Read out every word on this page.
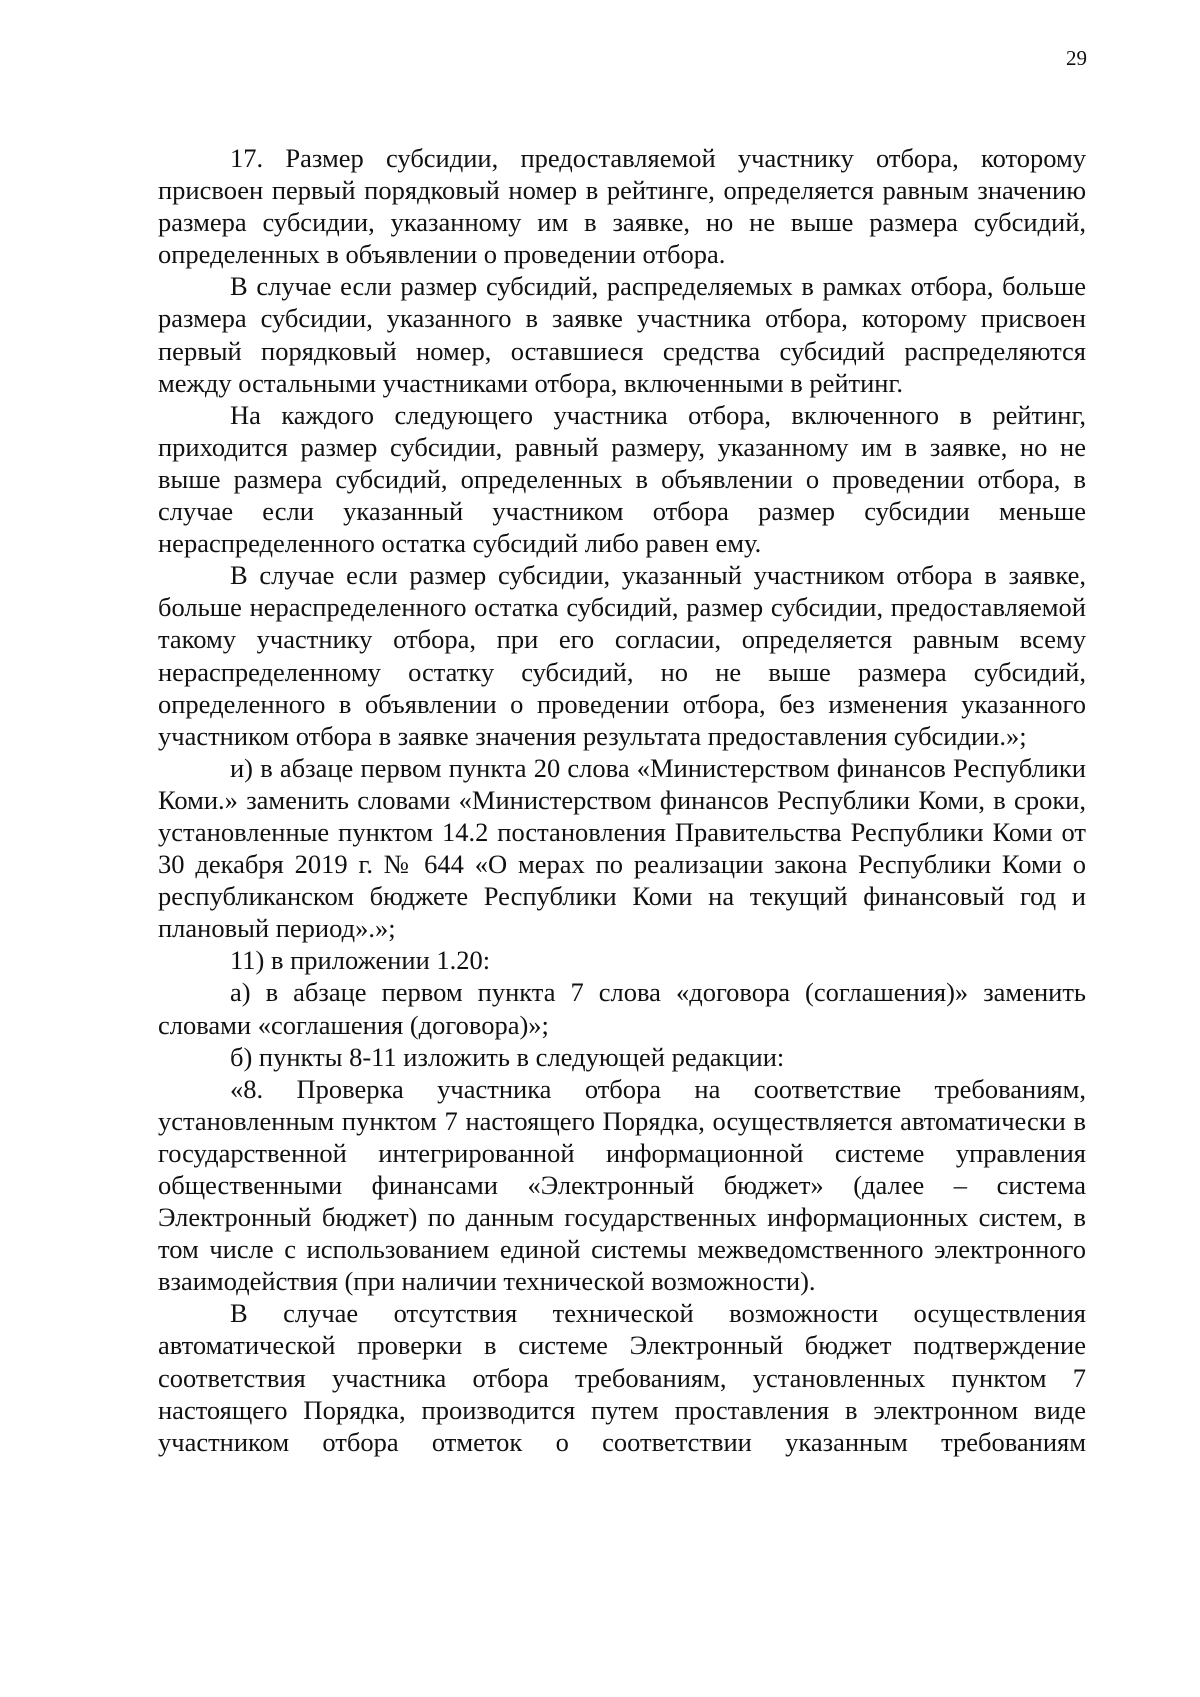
29

17. Размер субсидии, предоставляемой участнику отбора, которому присвоен первый порядковый номер в рейтинге, определяется равным значению размера субсидии, указанному им в заявке, но не выше размера субсидий, определенных в объявлении о проведении отбора.

В случае если размер субсидий, распределяемых в рамках отбора, больше размера субсидии, указанного в заявке участника отбора, которому присвоен первый порядковый номер, оставшиеся средства субсидий распределяются между остальными участниками отбора, включенными в рейтинг.

На каждого следующего участника отбора, включенного в рейтинг, приходится размер субсидии, равный размеру, указанному им в заявке, но не выше размера субсидий, определенных в объявлении о проведении отбора, в случае если указанный участником отбора размер субсидии меньше нераспределенного остатка субсидий либо равен ему.

В случае если размер субсидии, указанный участником отбора в заявке, больше нераспределенного остатка субсидий, размер субсидии, предоставляемой такому участнику отбора, при его согласии, определяется равным всему нераспределенному остатку субсидий, но не выше размера субсидий, определенного в объявлении о проведении отбора, без изменения указанного участником отбора в заявке значения результата предоставления субсидии.»;

и) в абзаце первом пункта 20 слова «Министерством финансов Республики Коми.» заменить словами «Министерством финансов Республики Коми, в сроки, установленные пунктом 14.2 постановления Правительства Республики Коми от 30 декабря 2019 г. № 644 «О мерах по реализации закона Республики Коми о республиканском бюджете Республики Коми на текущий финансовый год и плановый период».»;

11) в приложении 1.20:

а) в абзаце первом пункта 7 слова «договора (соглашения)» заменить словами «соглашения (договора)»;

б) пункты 8-11 изложить в следующей редакции:

«8. Проверка участника отбора на соответствие требованиям, установленным пунктом 7 настоящего Порядка, осуществляется автоматически в государственной интегрированной информационной системе управления общественными финансами «Электронный бюджет» (далее – система Электронный бюджет) по данным государственных информационных систем, в том числе с использованием единой системы межведомственного электронного взаимодействия (при наличии технической возможности).

В случае отсутствия технической возможности осуществления автоматической проверки в системе Электронный бюджет подтверждение соответствия участника отбора требованиям, установленных пунктом 7 настоящего Порядка, производится путем проставления в электронном виде участником отбора отметок о соответствии указанным требованиям
